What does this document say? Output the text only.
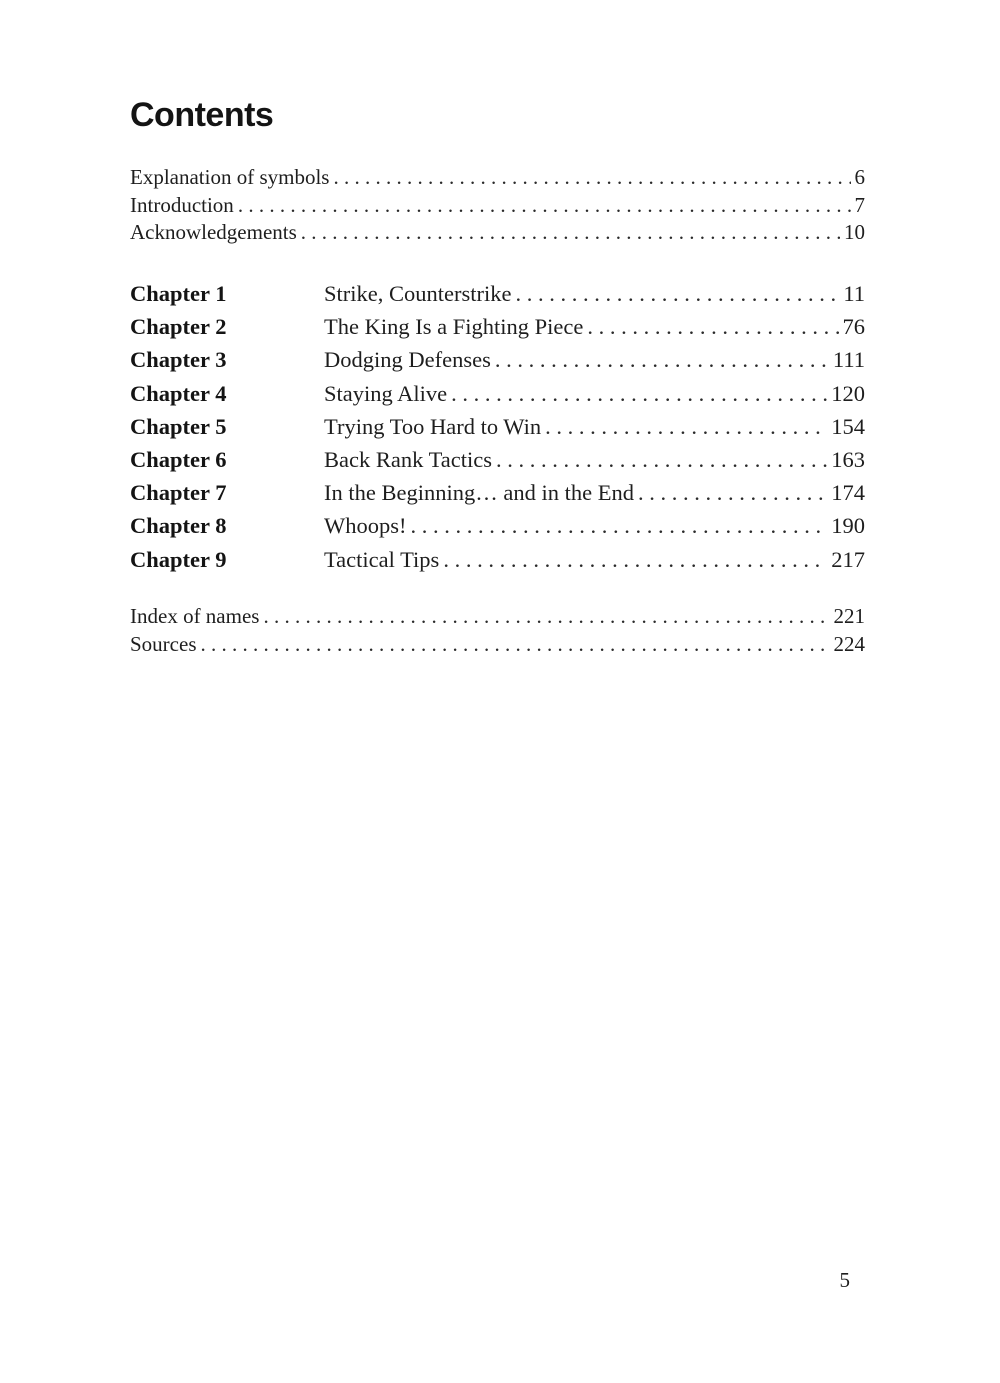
Contents
Explanation of symbols . . .	6
Introduction . . .	7
Acknowledgements . . .	10
Chapter 1	Strike, Counterstrike . . .	11
Chapter 2	The King Is a Fighting Piece . . .	76
Chapter 3	Dodging Defenses . . .	111
Chapter 4	Staying Alive . . .	120
Chapter 5	Trying Too Hard to Win . . .	154
Chapter 6	Back Rank Tactics . . .	163
Chapter 7	In the Beginning… and in the End . . .	174
Chapter 8	Whoops! . . .	190
Chapter 9	Tactical Tips . . .	217
Index of names . . .	221
Sources . . .	224
5
